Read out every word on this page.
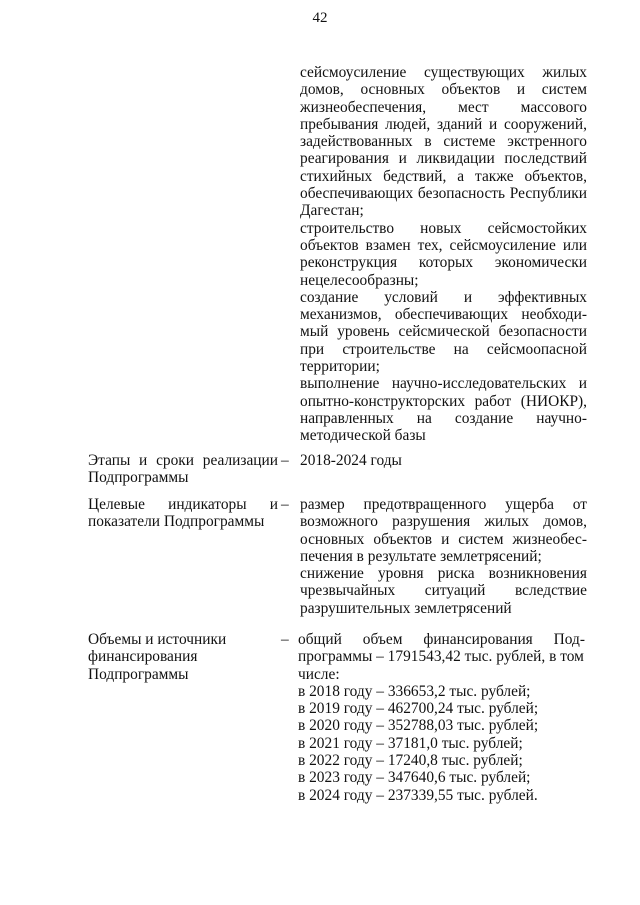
42
сейсмоусиление существующих жилых
домов, основных объектов и систем
жизнеобеспечения, мест массового
пребывания людей, зданий и сооружений,
задействованных в системе экстренного
реагирования и ликвидации последствий
стихийных бедствий, а также объектов,
обеспечивающих безопасность Республики
Дагестан;
строительство новых сейсмостойких
объектов взамен тех, сейсмоусиление или
реконструкция которых экономически
нецелесообразны;
создание условий и эффективных
механизмов, обеспечивающих необходи-
мый уровень сейсмической безопасности
при строительстве на сейсмоопасной
территории;
выполнение научно-исследовательских и
опытно-конструкторских работ (НИОКР),
направленных на создание научно-
методической базы
Этапы и сроки реализации
Подпрограммы
– 2018-2024 годы
Целевые индикаторы и
показатели Подпрограммы
– размер предотвращенного ущерба от
возможного разрушения жилых домов,
основных объектов и систем жизнеобес-
печения в результате землетрясений;
снижение уровня риска возникновения
чрезвычайных ситуаций вследствие
разрушительных землетрясений
Объемы и источники
финансирования
Подпрограммы
– общий объем финансирования Под-
программы – 1791543,42 тыс. рублей, в том
числе:
в 2018 году – 336653,2 тыс. рублей;
в 2019 году – 462700,24 тыс. рублей;
в 2020 году – 352788,03 тыс. рублей;
в 2021 году – 37181,0 тыс. рублей;
в 2022 году – 17240,8 тыс. рублей;
в 2023 году – 347640,6 тыс. рублей;
в 2024 году – 237339,55 тыс. рублей.
